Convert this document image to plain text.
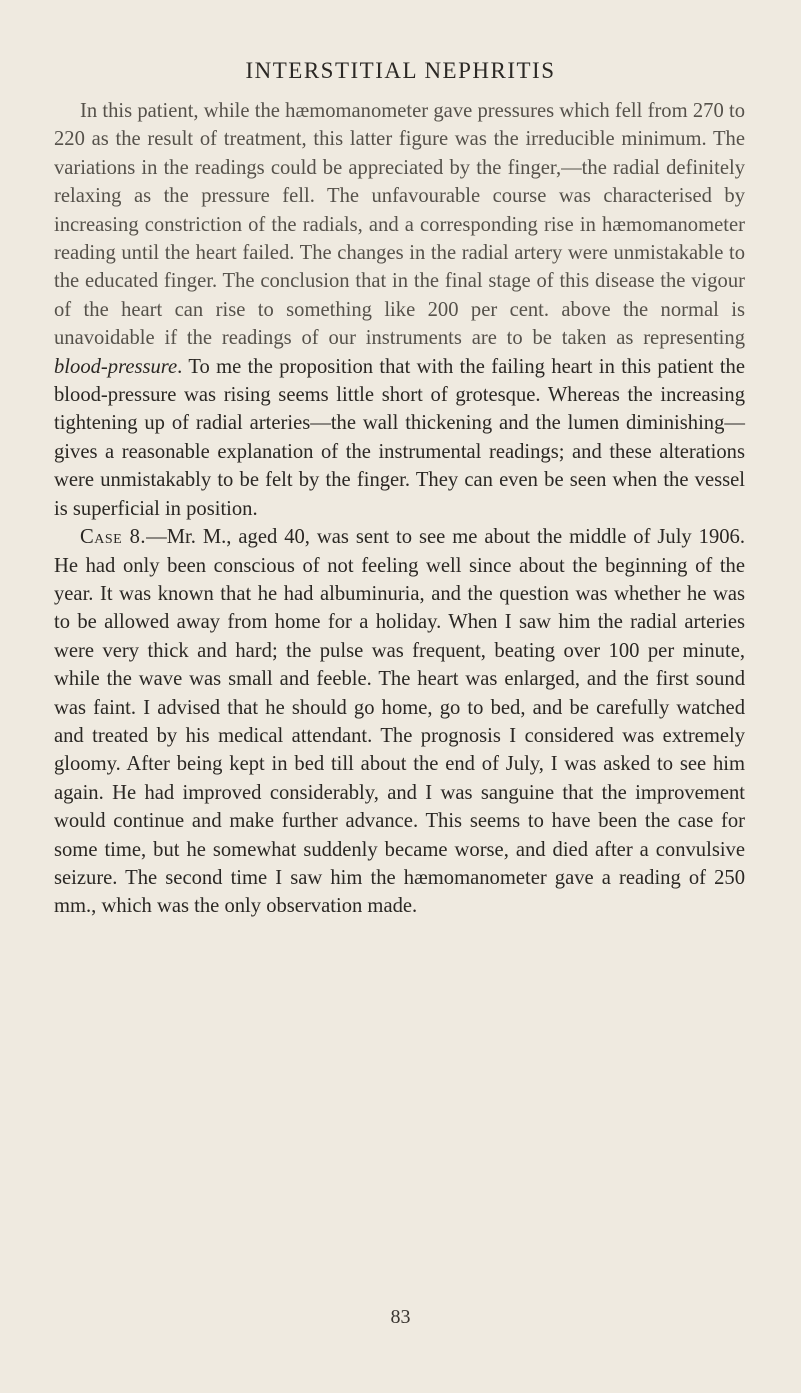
INTERSTITIAL NEPHRITIS

In this patient, while the hæmomanometer gave pressures which fell from 270 to 220 as the result of treatment, this latter figure was the irreducible minimum. The variations in the readings could be appreciated by the finger,—the radial definitely relaxing as the pressure fell. The unfavourable course was characterised by increasing constriction of the radials, and a corresponding rise in hæmomanometer reading until the heart failed. The changes in the radial artery were unmistakable to the educated finger. The conclusion that in the final stage of this disease the vigour of the heart can rise to something like 200 per cent. above the normal is unavoidable if the readings of our instruments are to be taken as representing blood-pressure. To me the proposition that with the failing heart in this patient the blood-pressure was rising seems little short of grotesque. Whereas the increasing tightening up of radial arteries—the wall thickening and the lumen diminishing—gives a reasonable explanation of the instrumental readings; and these alterations were unmistakably to be felt by the finger. They can even be seen when the vessel is superficial in position.

Case 8.—Mr. M., aged 40, was sent to see me about the middle of July 1906. He had only been conscious of not feeling well since about the beginning of the year. It was known that he had albuminuria, and the question was whether he was to be allowed away from home for a holiday. When I saw him the radial arteries were very thick and hard; the pulse was frequent, beating over 100 per minute, while the wave was small and feeble. The heart was enlarged, and the first sound was faint. I advised that he should go home, go to bed, and be carefully watched and treated by his medical attendant. The prognosis I considered was extremely gloomy. After being kept in bed till about the end of July, I was asked to see him again. He had improved considerably, and I was sanguine that the improvement would continue and make further advance. This seems to have been the case for some time, but he somewhat suddenly became worse, and died after a convulsive seizure. The second time I saw him the hæmomanometer gave a reading of 250 mm., which was the only observation made.

83
